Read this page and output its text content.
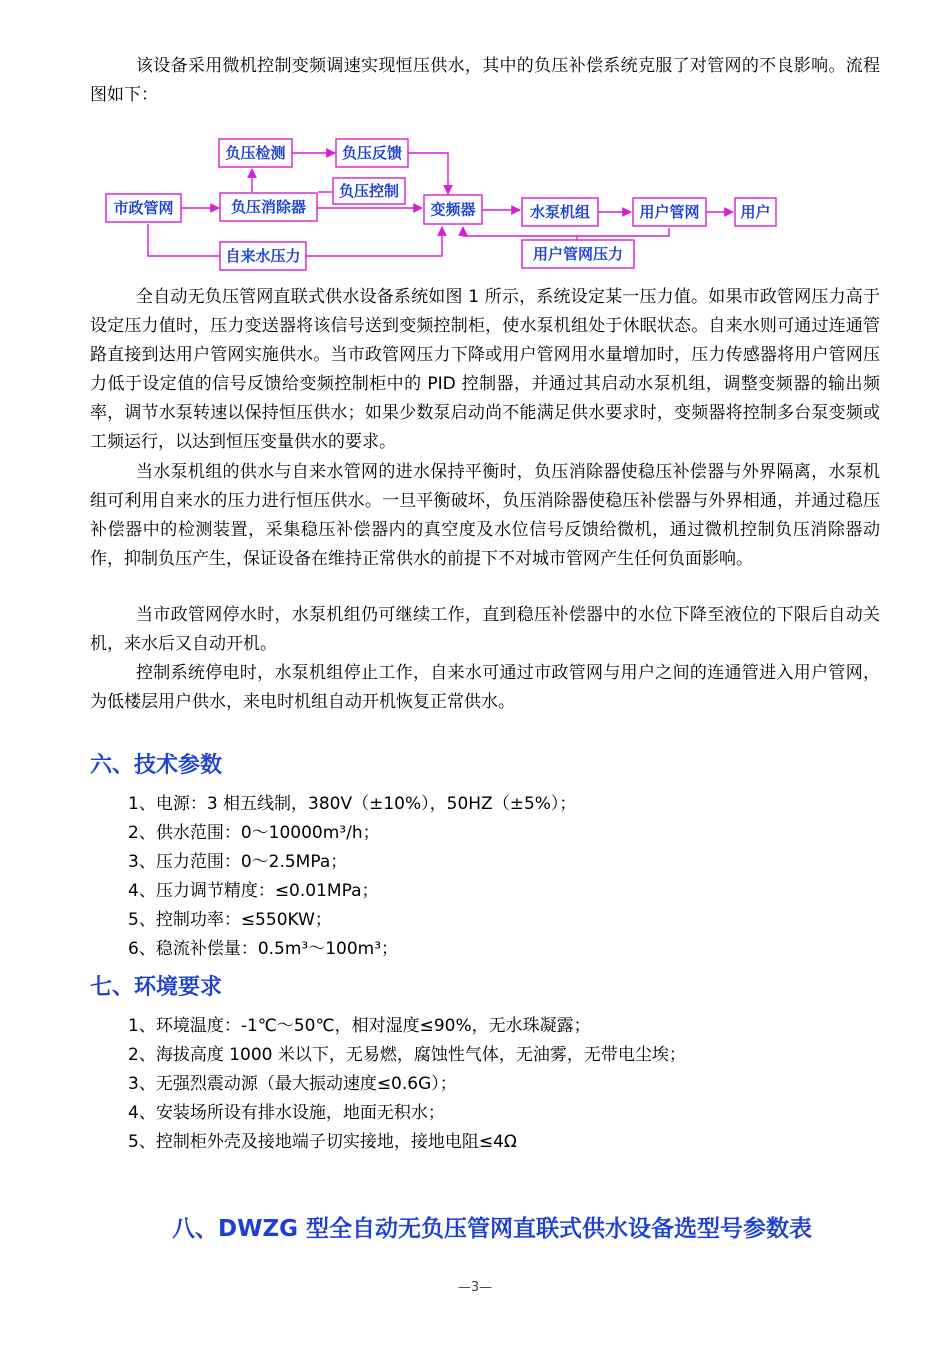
该设备采用微机控制变频调速实现恒压供水，其中的负压补偿系统克服了对管网的不良影响。流程图如下：

市政管网
负压检测	负压反馈
负压消除器
负压控制
变频器	水泵机组	用户管网	用户
自来水压力	用户管网压力

全自动无负压管网直联式供水设备系统如图 1 所示，系统设定某一压力值。如果市政管网压力高于设定压力值时，压力变送器将该信号送到变频控制柜，使水泵机组处于休眠状态。自来水则可通过连通管路直接到达用户管网实施供水。当市政管网压力下降或用户管网用水量增加时，压力传感器将用户管网压力低于设定值的信号反馈给变频控制柜中的 PID 控制器，并通过其启动水泵机组，调整变频器的输出频率，调节水泵转速以保持恒压供水；如果少数泵启动尚不能满足供水要求时，变频器将控制多台泵变频或工频运行，以达到恒压变量供水的要求。

当水泵机组的供水与自来水管网的进水保持平衡时，负压消除器使稳压补偿器与外界隔离，水泵机组可利用自来水的压力进行恒压供水。一旦平衡破坏，负压消除器使稳压补偿器与外界相通，并通过稳压补偿器中的检测装置，采集稳压补偿器内的真空度及水位信号反馈给微机，通过微机控制负压消除器动作，抑制负压产生，保证设备在维持正常供水的前提下不对城市管网产生任何负面影响。

当市政管网停水时，水泵机组仍可继续工作，直到稳压补偿器中的水位下降至液位的下限后自动关机，来水后又自动开机。

控制系统停电时，水泵机组停止工作，自来水可通过市政管网与用户之间的连通管进入用户管网，为低楼层用户供水，来电时机组自动开机恢复正常供水。

六、技术参数
1、电源：3 相五线制，380V（±10%），50HZ（±5%）；
2、供水范围：0～10000m³/h；
3、压力范围：0～2.5MPa；
4、压力调节精度：≤0.01MPa；
5、控制功率：≤550KW；
6、稳流补偿量：0.5m³～100m³；
七、环境要求
1、环境温度：-1℃～50℃，相对湿度≤90%，无水珠凝露；
2、海拔高度 1000 米以下，无易燃，腐蚀性气体，无油雾，无带电尘埃；
3、无强烈震动源（最大振动速度≤0.6G）；
4、安装场所设有排水设施，地面无积水；
5、控制柜外壳及接地端子切实接地，接地电阻≤4Ω
八、DWZG 型全自动无负压管网直联式供水设备选型号参数表
—3—
